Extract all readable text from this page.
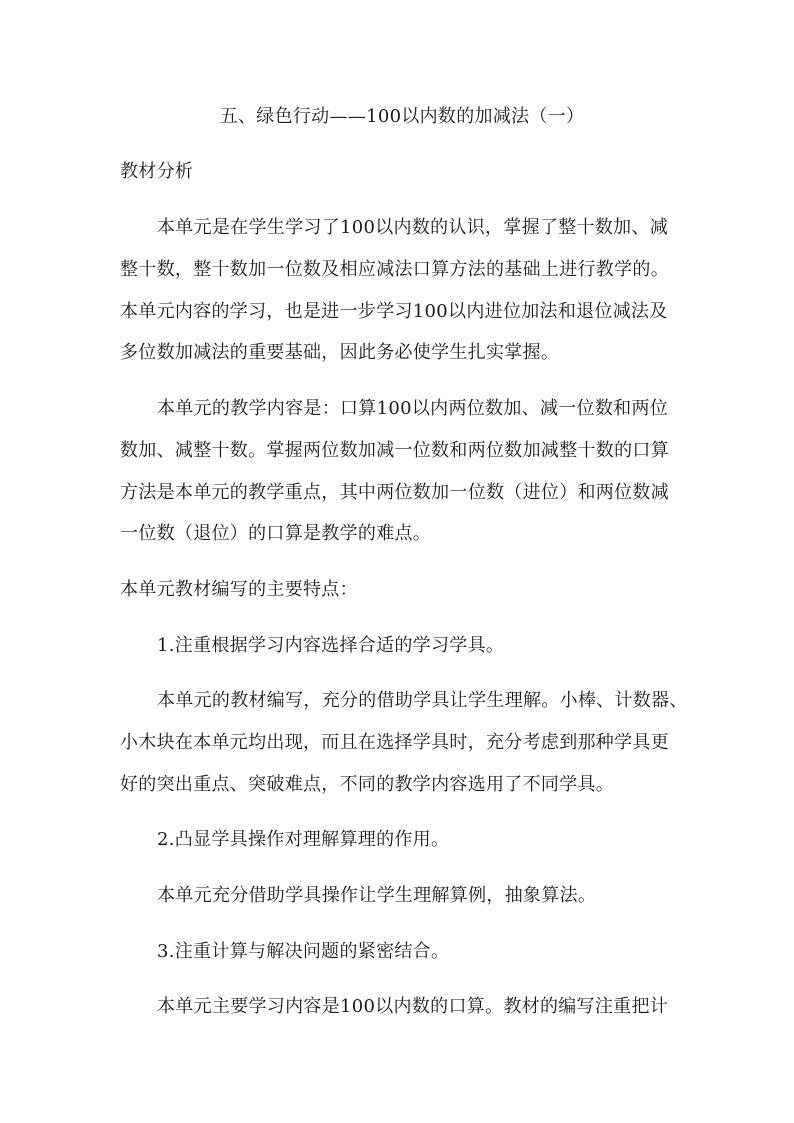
五、绿色行动——100以内数的加减法（一）
教材分析
本单元是在学生学习了100以内数的认识，掌握了整十数加、减
整十数，整十数加一位数及相应减法口算方法的基础上进行教学的。
本单元内容的学习，也是进一步学习100以内进位加法和退位减法及
多位数加减法的重要基础，因此务必使学生扎实掌握。
本单元的教学内容是：口算100以内两位数加、减一位数和两位
数加、减整十数。掌握两位数加减一位数和两位数加减整十数的口算
方法是本单元的教学重点，其中两位数加一位数（进位）和两位数减
一位数（退位）的口算是教学的难点。
本单元教材编写的主要特点：
1.注重根据学习内容选择合适的学习学具。
本单元的教材编写，充分的借助学具让学生理解。小棒、计数器、
小木块在本单元均出现，而且在选择学具时，充分考虑到那种学具更
好的突出重点、突破难点，不同的教学内容选用了不同学具。
2.凸显学具操作对理解算理的作用。
本单元充分借助学具操作让学生理解算例，抽象算法。
3.注重计算与解决问题的紧密结合。
本单元主要学习内容是100以内数的口算。教材的编写注重把计
